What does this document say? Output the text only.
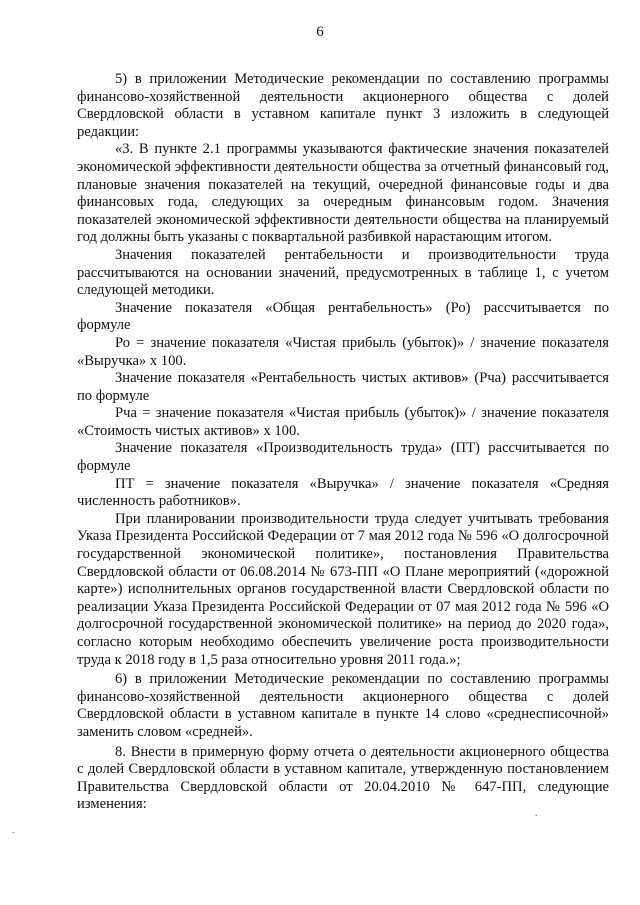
6

5) в приложении Методические рекомендации по составлению программы финансово-хозяйственной деятельности акционерного общества с долей Свердловской области в уставном капитале пункт 3 изложить в следующей редакции:

«3. В пункте 2.1 программы указываются фактические значения показателей экономической эффективности деятельности общества за отчетный финансовый год, плановые значения показателей на текущий, очередной финансовые годы и два финансовых года, следующих за очередным финансовым годом. Значения показателей экономической эффективности деятельности общества на планируемый год должны быть указаны с поквартальной разбивкой нарастающим итогом.

Значения показателей рентабельности и производительности труда рассчитываются на основании значений, предусмотренных в таблице 1, с учетом следующей методики.

Значение показателя «Общая рентабельность» (Ро) рассчитывается по формуле

Ро = значение показателя «Чистая прибыль (убыток)» / значение показателя «Выручка» х 100.

Значение показателя «Рентабельность чистых активов» (Рча) рассчитывается по формуле

Рча = значение показателя «Чистая прибыль (убыток)» / значение показателя «Стоимость чистых активов» х 100.

Значение показателя «Производительность труда» (ПТ) рассчитывается по формуле

ПТ = значение показателя «Выручка» / значение показателя «Средняя численность работников».

При планировании производительности труда следует учитывать требования Указа Президента Российской Федерации от 7 мая 2012 года № 596 «О долгосрочной государственной экономической политике», постановления Правительства Свердловской области от 06.08.2014 № 673-ПП «О Плане мероприятий («дорожной карте») исполнительных органов государственной власти Свердловской области по реализации Указа Президента Российской Федерации от 07 мая 2012 года № 596 «О долгосрочной государственной экономической политике» на период до 2020 года», согласно которым необходимо обеспечить увеличение роста производительности труда к 2018 году в 1,5 раза относительно уровня 2011 года.»;

6) в приложении Методические рекомендации по составлению программы финансово-хозяйственной деятельности акционерного общества с долей Свердловской области в уставном капитале в пункте 14 слово «среднесписочной» заменить словом «средней».

8. Внести в примерную форму отчета о деятельности акционерного общества с долей Свердловской области в уставном капитале, утвержденную постановлением Правительства Свердловской области от 20.04.2010 № 647-ПП, следующие изменения:

.
.
